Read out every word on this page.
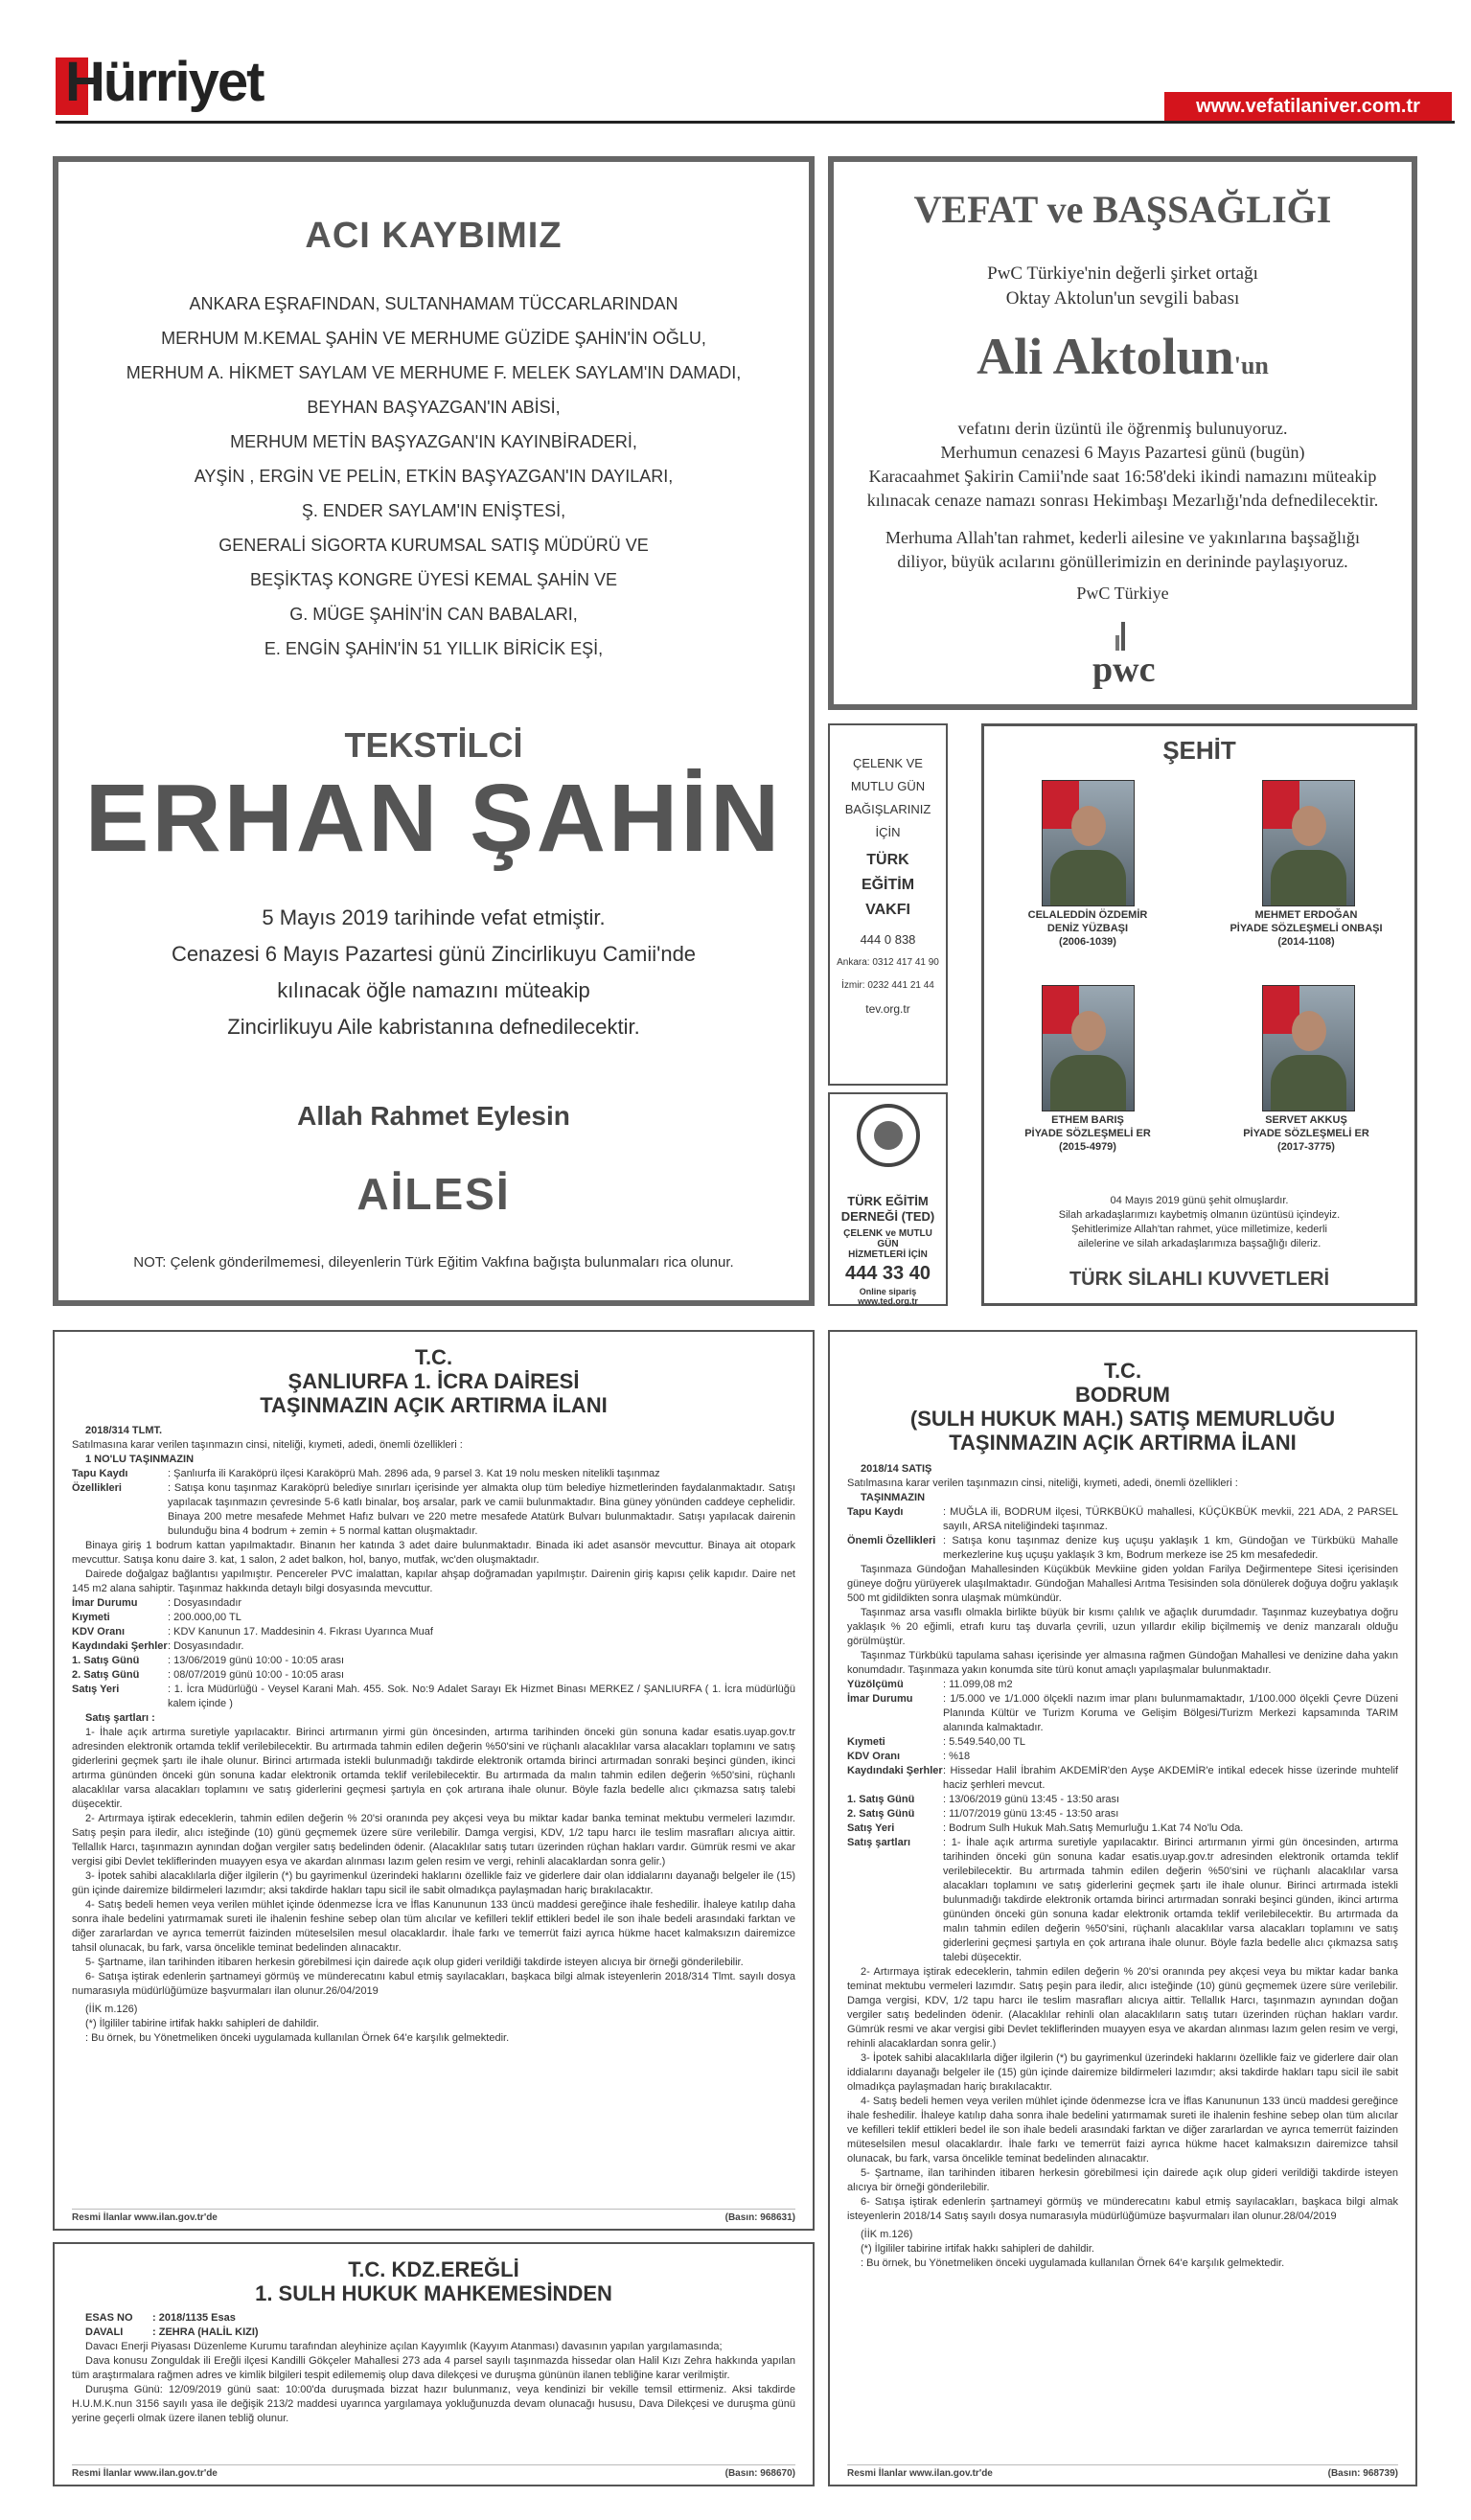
Hürriyet	www.vefatilaniver.com.tr
ACI KAYBIMIZ
ANKARA EŞRAFINDAN, SULTANHAMAM TÜCCARLARINDAN
MERHUM M.KEMAL ŞAHİN VE MERHUME GÜZİDE ŞAHİN'İN OĞLU,
MERHUM A. HİKMET SAYLAM VE MERHUME F. MELEK SAYLAM'IN DAMADI,
BEYHAN BAŞYAZGAN'IN ABİSİ,
MERHUM METİN BAŞYAZGAN'IN KAYINBİRADERİ,
AYŞİN , ERGİN VE PELİN, ETKİN BAŞYAZGAN'IN DAYILARI,
Ş. ENDER SAYLAM'IN ENİŞTESİ,
GENERALİ SİGORTA KURUMSAL SATIŞ MÜDÜRÜ VE
BEŞİKTAŞ KONGRE ÜYESİ KEMAL ŞAHİN VE
G. MÜGE ŞAHİN'İN CAN BABALARI,
E. ENGİN ŞAHİN'İN 51 YILLIK BİRİCİK EŞİ,
TEKSTİLCİ
ERHAN ŞAHİN
5 Mayıs 2019 tarihinde vefat etmiştir.
Cenazesi 6 Mayıs Pazartesi günü Zincirlikuyu Camii'nde
kılınacak öğle namazını müteakip
Zincirlikuyu Aile kabristanına defnedilecektir.
Allah Rahmet Eylesin
AİLESİ
NOT: Çelenk gönderilmemesi, dileyenlerin Türk Eğitim Vakfına bağışta bulunmaları rica olunur.
VEFAT ve BAŞSAĞLIĞI
PwC Türkiye'nin değerli şirket ortağı
Oktay Aktolun'un sevgili babası
Ali Aktolun'un
vefatını derin üzüntü ile öğrenmiş bulunuyoruz.
Merhumun cenazesi 6 Mayıs Pazartesi günü (bugün)
Karacaahmet Şakirin Camii'nde saat 16:58'deki ikindi namazını müteakip
kılınacak cenaze namazı sonrası Hekimbaşı Mezarlığı'nda defnedilecektir.
Merhuma Allah'tan rahmet, kederli ailesine ve yakınlarına başsağlığı
diliyor, büyük acılarını gönüllerimizin en derininde paylaşıyoruz.
PwC Türkiye
pwc
ÇELENK VE
MUTLU GÜN
BAĞIŞLARINIZ
İÇİN
TÜRK
EĞİTİM
VAKFI
444 0 838
Ankara: 0312 417 41 90
İzmir: 0232 441 21 44
tev.org.tr
TÜRK EĞİTİM DERNEĞİ (TED)
ÇELENK ve MUTLU GÜN
HİZMETLERİ İÇİN
444 33 40
Online sipariş www.ted.org.tr
ŞEHİT
CELALEDDİN ÖZDEMİR
DENİZ YÜZBAŞI
(2006-1039)
MEHMET ERDOĞAN
PİYADE SÖZLEŞMELİ ONBAŞI
(2014-1108)
ETHEM BARIŞ
PİYADE SÖZLEŞMELİ ER
(2015-4979)
SERVET AKKUŞ
PİYADE SÖZLEŞMELİ ER
(2017-3775)
04 Mayıs 2019 günü şehit olmuşlardır.
Silah arkadaşlarımızı kaybetmiş olmanın üzüntüsü içindeyiz.
Şehitlerimize Allah'tan rahmet, yüce milletimize, kederli
ailelerine ve silah arkadaşlarımıza başsağlığı dileriz.
TÜRK SİLAHLI KUVVETLERİ
T.C.
ŞANLIURFA 1. İCRA DAİRESİ
TAŞINMAZIN AÇIK ARTIRMA İLANI

2018/314 TLMT.

Satılmasına karar verilen taşınmazın cinsi, niteliği, kıymeti, adedi, önemli özellikleri :

1 NO'LU TAŞINMAZIN

Tapu Kaydı	: Şanlıurfa ili Karaköprü ilçesi Karaköprü Mah. 2896 ada, 9 parsel 3. Kat 19 nolu mesken nitelikli taşınmaz
Özellikleri	: Satışa konu taşınmaz Karaköprü belediye sınırları içerisinde yer almakta olup tüm belediye hizmetlerinden faydalanmaktadır. Satışı yapılacak taşınmazın çevresinde 5-6 katlı binalar, boş arsalar, park ve camii bulunmaktadır. Bina güney yönünden caddeye cephelidir. Binaya 200 metre mesafede Mehmet Hafız bulvarı ve 220 metre mesafede Atatürk Bulvarı bulunmaktadır. Satışı yapılacak dairenin bulunduğu bina 4 bodrum + zemin + 5 normal kattan oluşmaktadır.

Binaya giriş 1 bodrum kattan yapılmaktadır. Binanın her katında 3 adet daire bulunmaktadır. Binada iki adet asansör mevcuttur. Binaya ait otopark mevcuttur. Satışa konu daire 3. kat, 1 salon, 2 adet balkon, hol, banyo, mutfak, wc'den oluşmaktadır.

Dairede doğalgaz bağlantısı yapılmıştır. Pencereler PVC imalattan, kapılar ahşap doğramadan yapılmıştır. Dairenin giriş kapısı çelik kapıdır. Daire net 145 m2 alana sahiptir. Taşınmaz hakkında detaylı bilgi dosyasında mevcuttur.

İmar Durumu	: Dosyasındadır
Kıymeti	: 200.000,00 TL
KDV Oranı	: KDV Kanunun 17. Maddesinin 4. Fıkrası Uyarınca Muaf
Kaydındaki Şerhler : Dosyasındadır.
1. Satış Günü	: 13/06/2019 günü 10:00 - 10:05 arası
2. Satış Günü	: 08/07/2019 günü 10:00 - 10:05 arası
Satış Yeri	: 1. İcra Müdürlüğü - Veysel Karani Mah. 455. Sok. No:9 Adalet Sarayı Ek Hizmet Binası MERKEZ / ŞANLIURFA ( 1. İcra müdürlüğü kalem içinde )

Satış şartları :

1- İhale açık artırma suretiyle yapılacaktır. Birinci artırmanın yirmi gün öncesinden, artırma tarihinden önceki gün sonuna kadar esatis.uyap.gov.tr adresinden elektronik ortamda teklif verilebilecektir. Bu artırmada tahmin edilen değerin %50'sini ve rüçhanlı alacaklılar varsa alacakları toplamını ve satış giderlerini geçmek şartı ile ihale olunur. Birinci artırmada istekli bulunmadığı takdirde elektronik ortamda birinci artırmadan sonraki beşinci günden, ikinci artırma gününden önceki gün sonuna kadar elektronik ortamda teklif verilebilecektir. Bu artırmada da malın tahmin edilen değerin %50'sini, rüçhanlı alacaklılar varsa alacakları toplamını ve satış giderlerini geçmesi şartıyla en çok artırana ihale olunur. Böyle fazla bedelle alıcı çıkmazsa satış talebi düşecektir.

2- Artırmaya iştirak edeceklerin, tahmin edilen değerin % 20'si oranında pey akçesi veya bu miktar kadar banka teminat mektubu vermeleri lazımdır. Satış peşin para iledir, alıcı isteğinde (10) günü geçmemek üzere süre verilebilir. Damga vergisi, KDV, 1/2 tapu harcı ile teslim masrafları alıcıya aittir. Tellallık Harcı, taşınmazın aynından doğan vergiler satış bedelinden ödenir. (Alacaklılar satış tutarı üzerinden rüçhan hakları vardır. Gümrük resmi ve akar vergisi gibi Devlet tekliflerinden muayyen esya ve akardan alınması lazım gelen resim ve vergi, rehinli alacaklardan sonra gelir.)

3- İpotek sahibi alacaklılarla diğer ilgilerin (*) bu gayrimenkul üzerindeki haklarını özellikle faiz ve giderlere dair olan iddialarını dayanağı belgeler ile (15) gün içinde dairemize bildirmeleri lazımdır; aksi takdirde hakları tapu sicil ile sabit olmadıkça paylaşmadan hariç bırakılacaktır.

4- Satış bedeli hemen veya verilen mühlet içinde ödenmezse İcra ve İflas Kanununun 133 üncü maddesi gereğince ihale feshedilir. İhaleye katılıp daha sonra ihale bedelini yatırmamak sureti ile ihalenin feshine sebep olan tüm alıcılar ve kefilleri teklif ettikleri bedel ile son ihale bedeli arasındaki farktan ve diğer zararlardan ve ayrıca temerrüt faizinden müteselsilen mesul olacaklardır. İhale farkı ve temerrüt faizi ayrıca hükme hacet kalmaksızın dairemizce tahsil olunacak, bu fark, varsa öncelikle teminat bedelinden alınacaktır.

5- Şartname, ilan tarihinden itibaren herkesin görebilmesi için dairede açık olup gideri verildiği takdirde isteyen alıcıya bir örneği gönderilebilir.

6- Satışa iştirak edenlerin şartnameyi görmüş ve münderecatını kabul etmiş sayılacakları, başkaca bilgi almak isteyenlerin 2018/314 Tlmt. sayılı dosya numarasıyla müdürlüğümüze başvurmaları ilan olunur.26/04/2019

(İİK m.126)

(*) İlgililer tabirine irtifak hakkı sahipleri de dahildir.

: Bu örnek, bu Yönetmeliken önceki uygulamada kullanılan Örnek 64'e karşılık gelmektedir.

Resmi İlanlar www.ilan.gov.tr'de	(Basın: 968631)
T.C. KDZ.EREĞLİ
1. SULH HUKUK MAHKEMESİNDEN
ESAS NO	: 2018/1135 Esas
DAVALI	: ZEHRA (HALİL KIZI)

Davacı Enerji Piyasası Düzenleme Kurumu tarafından aleyhinize açılan Kayyımlık (Kayyım Atanması) davasının yapılan yargılamasında;

Dava konusu Zonguldak ili Ereğli ilçesi Kandilli Gökçeler Mahallesi 273 ada 4 parsel sayılı taşınmazda hissedar olan Halil Kızı Zehra hakkında yapılan tüm araştırmalara rağmen adres ve kimlik bilgileri tespit edilememiş olup dava dilekçesi ve duruşma gününün ilanen tebliğine karar verilmiştir.

Duruşma Günü: 12/09/2019 günü saat: 10:00'da duruşmada bizzat hazır bulunmanız, veya kendinizi bir vekille temsil ettirmeniz. Aksi takdirde H.U.M.K.nun 3156 sayılı yasa ile değişik 213/2 maddesi uyarınca yargılamaya yokluğunuzda devam olunacağı hususu, Dava Dilekçesi ve duruşma günü yerine geçerli olmak üzere ilanen tebliğ olunur.

Resmi İlanlar www.ilan.gov.tr'de	(Basın: 968670)
T.C.
BODRUM
(SULH HUKUK MAH.) SATIŞ MEMURLUĞU
TAŞINMAZIN AÇIK ARTIRMA İLANI

2018/14 SATIŞ

Satılmasına karar verilen taşınmazın cinsi, niteliği, kıymeti, adedi, önemli özellikleri :

TAŞINMAZIN

Tapu Kaydı	: MUĞLA ili, BODRUM ilçesi, TÜRKBÜKÜ mahallesi, KÜÇÜKBÜK mevkii, 221 ADA, 2 PARSEL sayılı, ARSA niteliğindeki taşınmaz.
Önemli Özellikleri : Satışa konu taşınmaz denize kuş uçuşu yaklaşık 1 km, Gündoğan ve Türkbükü Mahalle merkezlerine kuş uçuşu yaklaşık 3 km, Bodrum merkeze ise 25 km mesafededir.

Taşınmaza Gündoğan Mahallesinden Küçükbük Mevkiine giden yoldan Farilya Değirmentepe Sitesi içerisinden güneye doğru yürüyerek ulaşılmaktadır. Gündoğan Mahallesi Arıtma Tesisinden sola dönülerek doğuya doğru yaklaşık 500 mt gidildikten sonra ulaşmak mümkündür.

Taşınmaz arsa vasıflı olmakla birlikte büyük bir kısmı çalılık ve ağaçlık durumdadır. Taşınmaz kuzeybatıya doğru yaklaşık % 20 eğimli, etrafı kuru taş duvarla çevrili, uzun yıllardır ekilip biçilmemiş ve deniz manzaralı olduğu görülmüştür.

Taşınmaz Türkbükü tapulama sahası içerisinde yer almasına rağmen Gündoğan Mahallesi ve denizine daha yakın konumdadır. Taşınmaza yakın konumda site türü konut amaçlı yapılaşmalar bulunmaktadır.

Yüzölçümü	: 11.099,08 m2
İmar Durumu	: 1/5.000 ve 1/1.000 ölçekli nazım imar planı bulunmamaktadır, 1/100.000 ölçekli Çevre Düzeni Planında Kültür ve Turizm Koruma ve Gelişim Bölgesi/Turizm Merkezi kapsamında TARIM alanında kalmaktadır.
Kıymeti	: 5.549.540,00 TL
KDV Oranı	: %18
Kaydındaki Şerhler : Hissedar Halil İbrahim AKDEMİR'den Ayşe AKDEMİR'e intikal edecek hisse üzerinde muhtelif haciz şerhleri mevcut.
1. Satış Günü	: 13/06/2019 günü 13:45 - 13:50 arası
2. Satış Günü	: 11/07/2019 günü 13:45 - 13:50 arası
Satış Yeri	: Bodrum Sulh Hukuk Mah.Satış Memurluğu 1.Kat 74 No'lu Oda.
Satış şartları	: 1- İhale açık artırma suretiyle yapılacaktır. Birinci artırmanın yirmi gün öncesinden, artırma tarihinden önceki gün sonuna kadar esatis.uyap.gov.tr adresinden elektronik ortamda teklif verilebilecektir. Bu artırmada tahmin edilen değerin %50'sini ve rüçhanlı alacaklılar varsa alacakları toplamını ve satış giderlerini geçmek şartı ile ihale olunur. Birinci artırmada istekli bulunmadığı takdirde elektronik ortamda birinci artırmadan sonraki beşinci günden, ikinci artırma gününden önceki gün sonuna kadar elektronik ortamda teklif verilebilecektir. Bu artırmada da malın tahmin edilen değerin %50'sini, rüçhanlı alacaklılar varsa alacakları toplamını ve satış giderlerini geçmesi şartıyla en çok artırana ihale olunur. Böyle fazla bedelle alıcı çıkmazsa satış talebi düşecektir.

2- Artırmaya iştirak edeceklerin, tahmin edilen değerin % 20'si oranında pey akçesi veya bu miktar kadar banka teminat mektubu vermeleri lazımdır. Satış peşin para iledir, alıcı isteğinde (10) günü geçmemek üzere süre verilebilir. Damga vergisi, KDV, 1/2 tapu harcı ile teslim masrafları alıcıya aittir. Tellallık Harcı, taşınmazın aynından doğan vergiler satış bedelinden ödenir. (Alacaklılar rehinli olan alacaklıların satış tutarı üzerinden rüçhan hakları vardır. Gümrük resmi ve akar vergisi gibi Devlet tekliflerinden muayyen esya ve akardan alınması lazım gelen resim ve vergi, rehinli alacaklardan sonra gelir.)

3- İpotek sahibi alacaklılarla diğer ilgilerin (*) bu gayrimenkul üzerindeki haklarını özellikle faiz ve giderlere dair olan iddialarını dayanağı belgeler ile (15) gün içinde dairemize bildirmeleri lazımdır; aksi takdirde hakları tapu sicil ile sabit olmadıkça paylaşmadan hariç bırakılacaktır.

4- Satış bedeli hemen veya verilen mühlet içinde ödenmezse İcra ve İflas Kanununun 133 üncü maddesi gereğince ihale feshedilir. İhaleye katılıp daha sonra ihale bedelini yatırmamak sureti ile ihalenin feshine sebep olan tüm alıcılar ve kefilleri teklif ettikleri bedel ile son ihale bedeli arasındaki farktan ve diğer zararlardan ve ayrıca temerrüt faizinden müteselsilen mesul olacaklardır. İhale farkı ve temerrüt faizi ayrıca hükme hacet kalmaksızın dairemizce tahsil olunacak, bu fark, varsa öncelikle teminat bedelinden alınacaktır.

5- Şartname, ilan tarihinden itibaren herkesin görebilmesi için dairede açık olup gideri verildiği takdirde isteyen alıcıya bir örneği gönderilebilir.

6- Satışa iştirak edenlerin şartnameyi görmüş ve münderecatını kabul etmiş sayılacakları, başkaca bilgi almak isteyenlerin 2018/14 Satış sayılı dosya numarasıyla müdürlüğümüze başvurmaları ilan olunur.28/04/2019

(İİK m.126)

(*) İlgililer tabirine irtifak hakkı sahipleri de dahildir.

: Bu örnek, bu Yönetmeliken önceki uygulamada kullanılan Örnek 64'e karşılık gelmektedir.

Resmi İlanlar www.ilan.gov.tr'de	(Basın: 968739)
